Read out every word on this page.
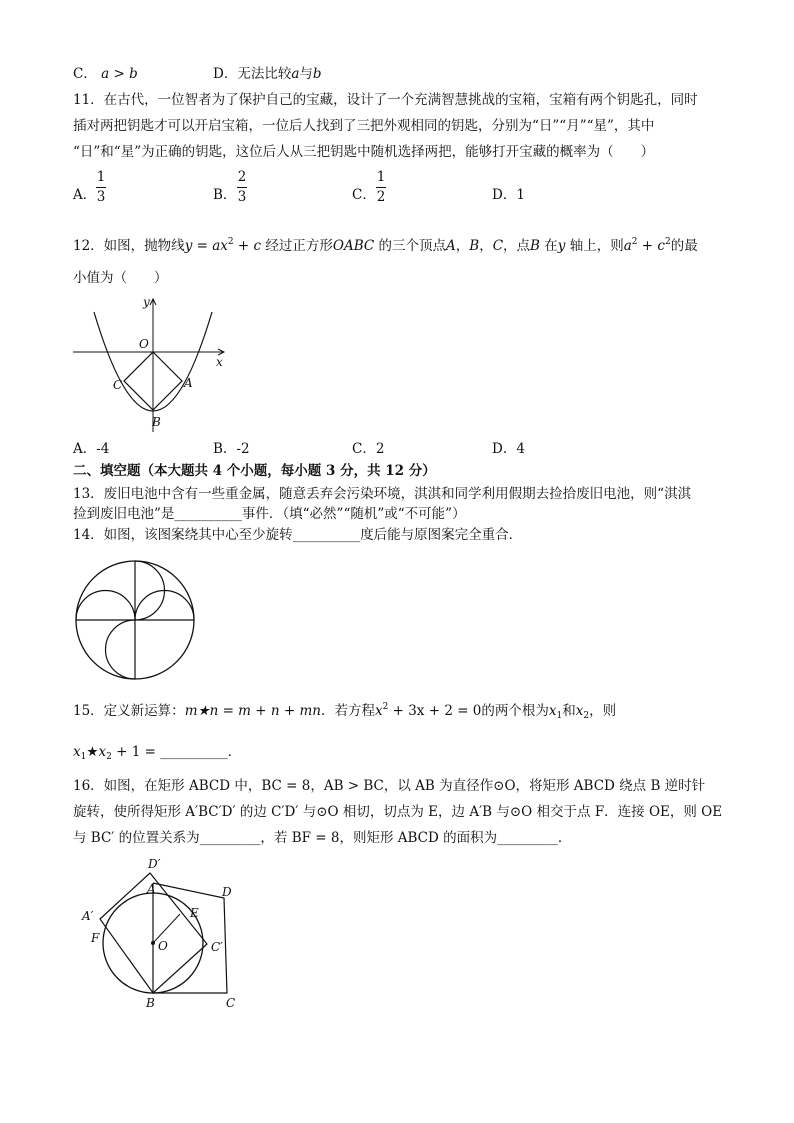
C． a > b	D．无法比较a与b
11．在古代，一位智者为了保护自己的宝藏，设计了一个充满智慧挑战的宝箱，宝箱有两个钥匙孔，同时
插对两把钥匙才可以开启宝箱，一位后人找到了三把外观相同的钥匙，分别为“日”“月”“星”，其中
“日”和“星”为正确的钥匙，这位后人从三把钥匙中随机选择两把，能够打开宝藏的概率为（　　）
A．
1
3	B．
2
3	C．
1
2	D．1
12．如图，抛物线$y = ax^2 + c$ 经过正方形OABC 的三个顶点A，B，C，点B 在y 轴上，则$a^2 + c^2$的最
小值为（　　）
y
x
O
A
C
B
A．-4	B．-2	C．2	D．4
二、填空题（本大题共 4 个小题，每小题 3 分，共 12 分）
13．废旧电池中含有一些重金属，随意丢弃会污染环境，淇淇和同学利用假期去捡拾废旧电池，则“淇淇
捡到废旧电池”是__________事件．（填“必然”“随机”或“不可能”）
14．如图，该图案绕其中心至少旋转__________度后能与原图案完全重合．
15．定义新运算：m★n = m + n + mn．若方程$x^2 + 3x + 2 = 0$的两个根为$x_1$和$x_2$，则
$x_1★x_2 + 1$ = __________．
16．如图，在矩形 ABCD 中，BC = 8，AB > BC，以 AB 为直径作⊙O，将矩形 ABCD 绕点 B 逆时针
旋转，使所得矩形 A′BC′D′ 的边 C′D′ 与⊙O 相切，切点为 E，边 A′B 与⊙O 相交于点 F．连接 OE，则 OE
与 BC′ 的位置关系为_________，若 BF = 8，则矩形 ABCD 的面积为_________．
D′
A	D
A′	E
F
O	C′
B	C
